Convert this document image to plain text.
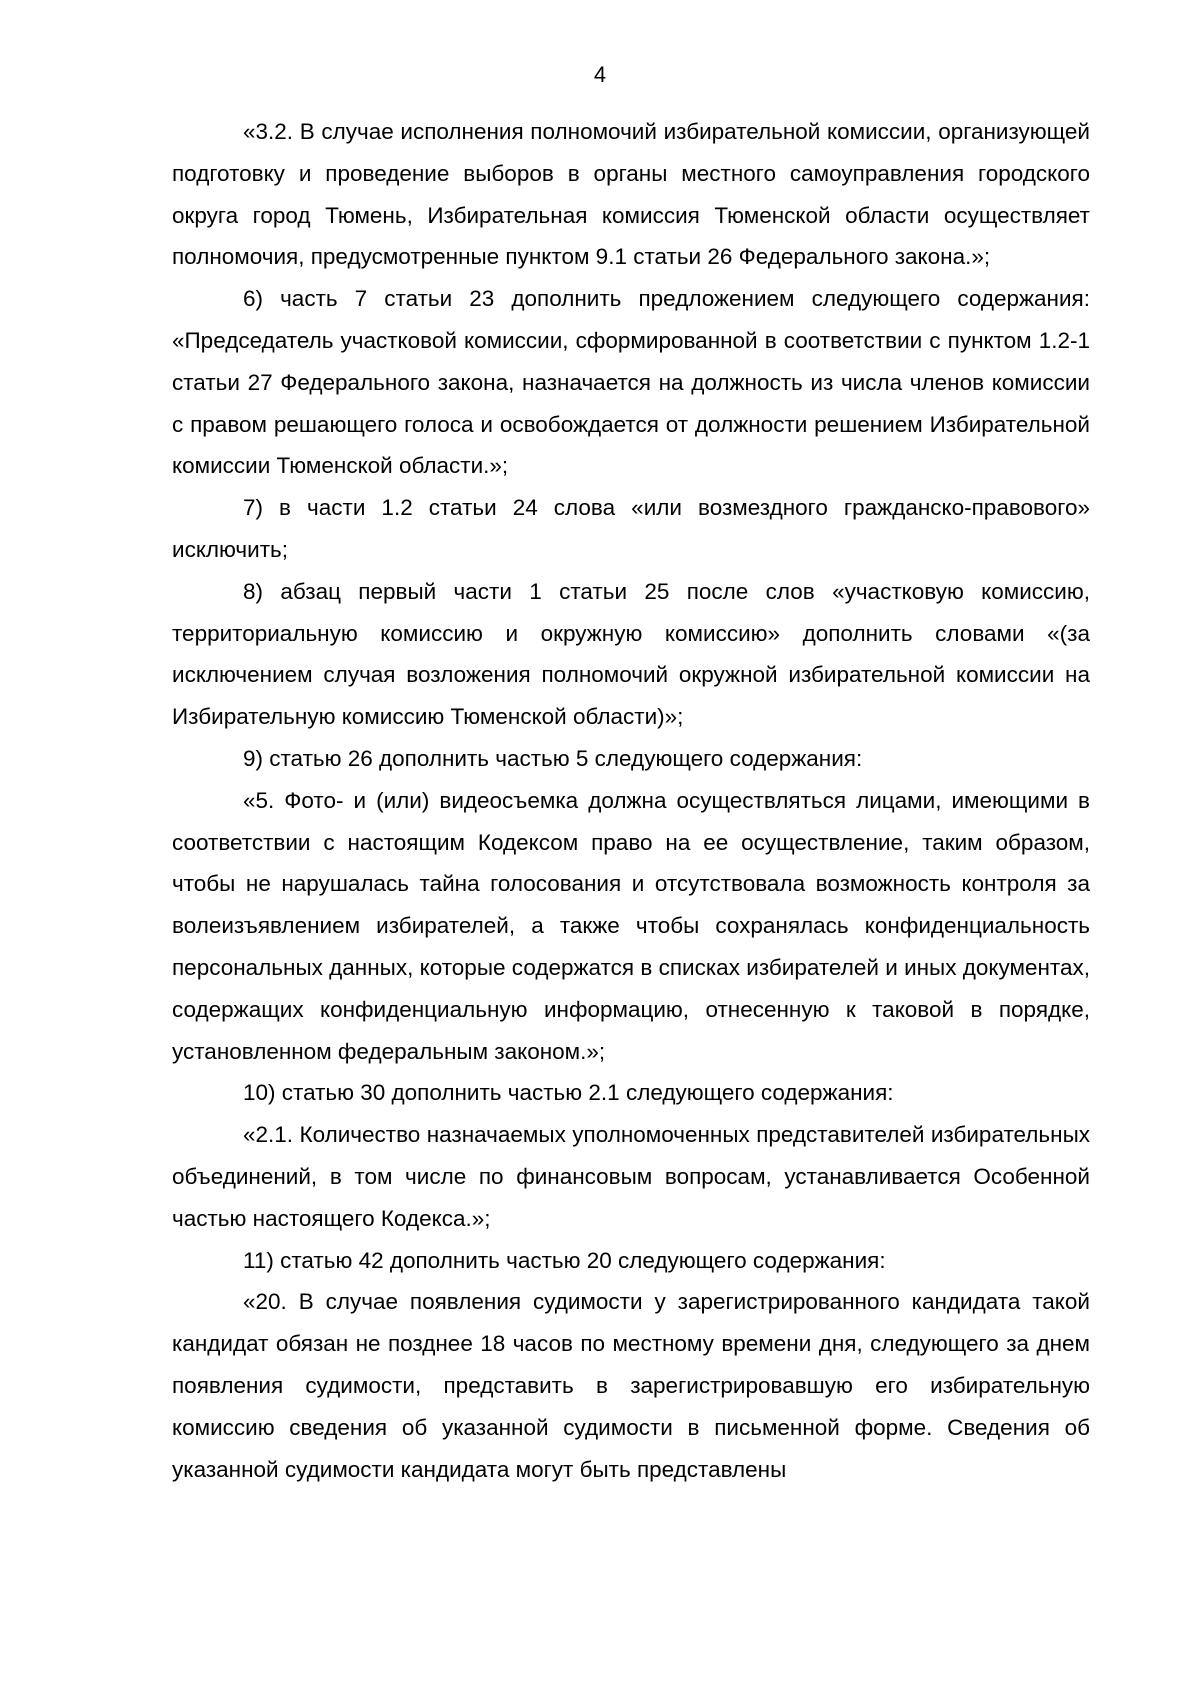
4

«3.2. В случае исполнения полномочий избирательной комиссии, организующей подготовку и проведение выборов в органы местного самоуправления городского округа город Тюмень, Избирательная комиссия Тюменской области осуществляет полномочия, предусмотренные пунктом 9.1 статьи 26 Федерального закона.»;

6) часть 7 статьи 23 дополнить предложением следующего содержания: «Председатель участковой комиссии, сформированной в соответствии с пунктом 1.2-1 статьи 27 Федерального закона, назначается на должность из числа членов комиссии с правом решающего голоса и освобождается от должности решением Избирательной комиссии Тюменской области.»;

7) в части 1.2 статьи 24 слова «или возмездного гражданско-правового» исключить;

8) абзац первый части 1 статьи 25 после слов «участковую комиссию, территориальную комиссию и окружную комиссию» дополнить словами «(за исключением случая возложения полномочий окружной избирательной комиссии на Избирательную комиссию Тюменской области)»;

9) статью 26 дополнить частью 5 следующего содержания:

«5. Фото- и (или) видеосъемка должна осуществляться лицами, имеющими в соответствии с настоящим Кодексом право на ее осуществление, таким образом, чтобы не нарушалась тайна голосования и отсутствовала возможность контроля за волеизъявлением избирателей, а также чтобы сохранялась конфиденциальность персональных данных, которые содержатся в списках избирателей и иных документах, содержащих конфиденциальную информацию, отнесенную к таковой в порядке, установленном федеральным законом.»;

10) статью 30 дополнить частью 2.1 следующего содержания:

«2.1. Количество назначаемых уполномоченных представителей избирательных объединений, в том числе по финансовым вопросам, устанавливается Особенной частью настоящего Кодекса.»;

11) статью 42 дополнить частью 20 следующего содержания:

«20. В случае появления судимости у зарегистрированного кандидата такой кандидат обязан не позднее 18 часов по местному времени дня, следующего за днем появления судимости, представить в зарегистрировавшую его избирательную комиссию сведения об указанной судимости в письменной форме. Сведения об указанной судимости кандидата могут быть представлены
